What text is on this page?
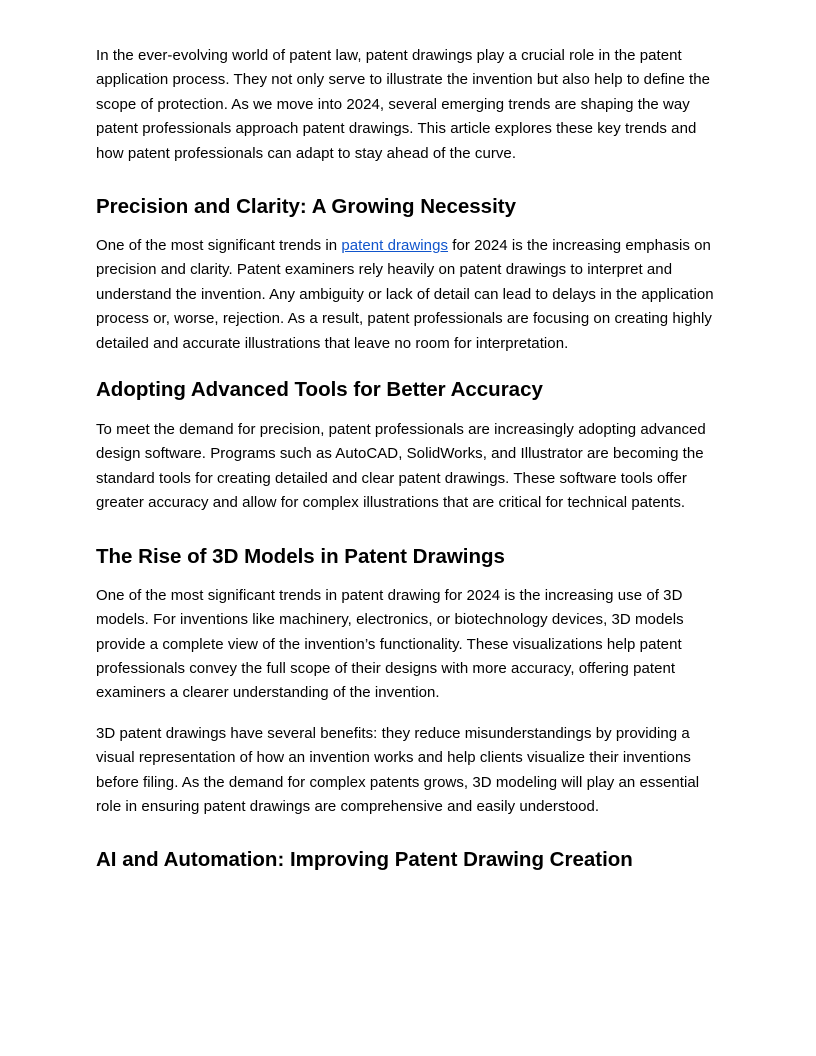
In the ever-evolving world of patent law, patent drawings play a crucial role in the patent application process. They not only serve to illustrate the invention but also help to define the scope of protection. As we move into 2024, several emerging trends are shaping the way patent professionals approach patent drawings. This article explores these key trends and how patent professionals can adapt to stay ahead of the curve.

Precision and Clarity: A Growing Necessity

One of the most significant trends in patent drawings for 2024 is the increasing emphasis on precision and clarity. Patent examiners rely heavily on patent drawings to interpret and understand the invention. Any ambiguity or lack of detail can lead to delays in the application process or, worse, rejection. As a result, patent professionals are focusing on creating highly detailed and accurate illustrations that leave no room for interpretation.

Adopting Advanced Tools for Better Accuracy

To meet the demand for precision, patent professionals are increasingly adopting advanced design software. Programs such as AutoCAD, SolidWorks, and Illustrator are becoming the standard tools for creating detailed and clear patent drawings. These software tools offer greater accuracy and allow for complex illustrations that are critical for technical patents.

The Rise of 3D Models in Patent Drawings

One of the most significant trends in patent drawing for 2024 is the increasing use of 3D models. For inventions like machinery, electronics, or biotechnology devices, 3D models provide a complete view of the invention’s functionality. These visualizations help patent professionals convey the full scope of their designs with more accuracy, offering patent examiners a clearer understanding of the invention.

3D patent drawings have several benefits: they reduce misunderstandings by providing a visual representation of how an invention works and help clients visualize their inventions before filing. As the demand for complex patents grows, 3D modeling will play an essential role in ensuring patent drawings are comprehensive and easily understood.

AI and Automation: Improving Patent Drawing Creation
